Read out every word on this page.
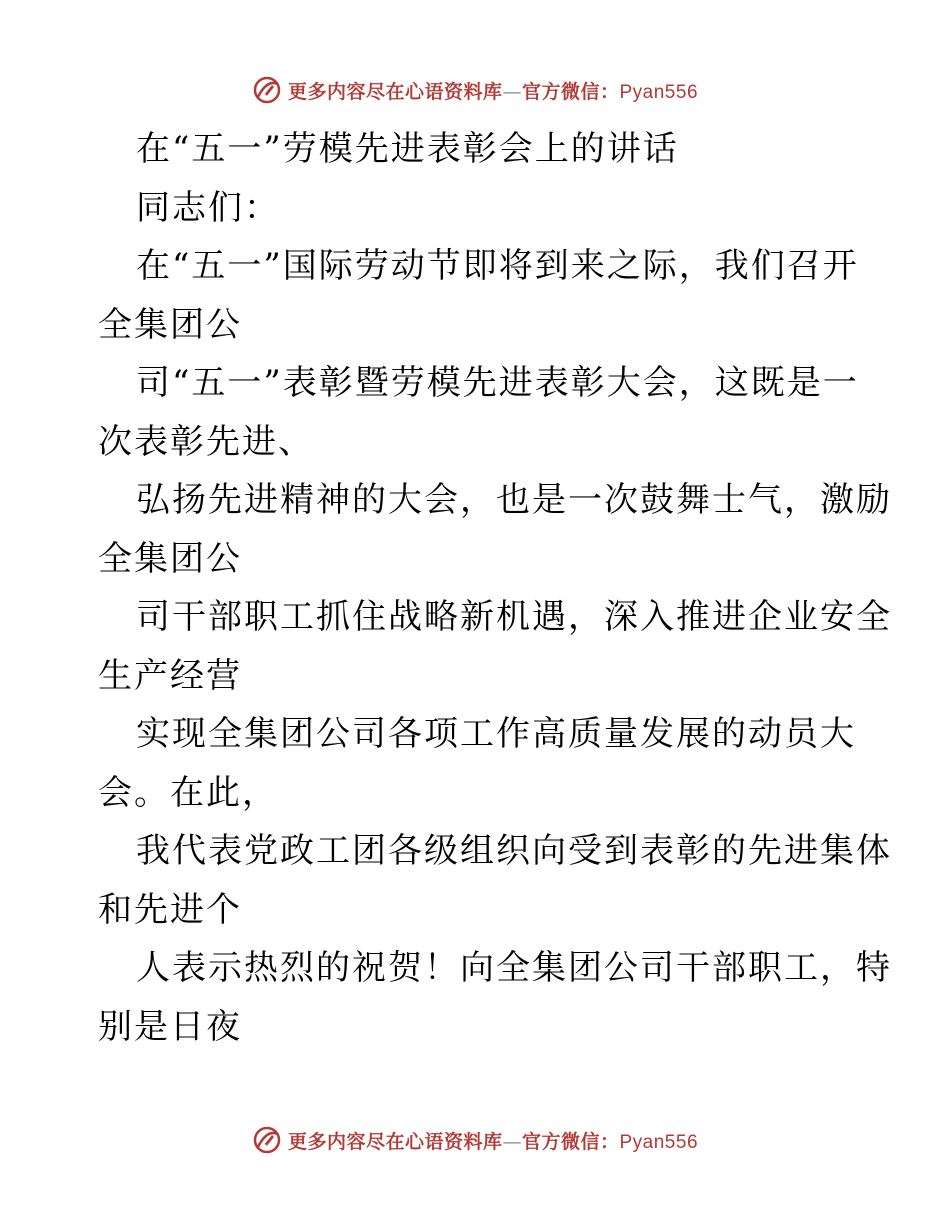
更多内容尽在心语资料库—官方微信：Pyan556
在“五一”劳模先进表彰会上的讲话
同志们：
在“五一”国际劳动节即将到来之际，我们召开
全集团公
司“五一”表彰暨劳模先进表彰大会，这既是一
次表彰先进、
弘扬先进精神的大会，也是一次鼓舞士气，激励
全集团公
司干部职工抓住战略新机遇，深入推进企业安全
生产经营
实现全集团公司各项工作高质量发展的动员大
会。在此，
我代表党政工团各级组织向受到表彰的先进集体
和先进个
人表示热烈的祝贺！向全集团公司干部职工，特
别是日夜
更多内容尽在心语资料库—官方微信：Pyan556
